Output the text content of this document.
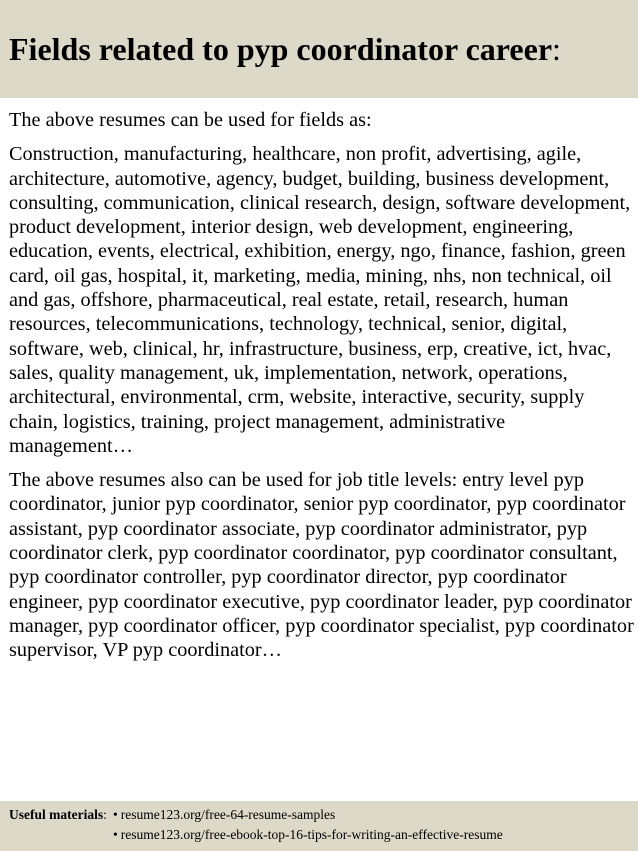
Fields related to pyp coordinator career:

The above resumes can be used for fields as:

Construction, manufacturing, healthcare, non profit, advertising, agile, architecture, automotive, agency, budget, building, business development, consulting, communication, clinical research, design, software development, product development, interior design, web development, engineering, education, events, electrical, exhibition, energy, ngo, finance, fashion, green card, oil gas, hospital, it, marketing, media, mining, nhs, non technical, oil and gas, offshore, pharmaceutical, real estate, retail, research, human resources, telecommunications, technology, technical, senior, digital, software, web, clinical, hr, infrastructure, business, erp, creative, ict, hvac, sales, quality management, uk, implementation, network, operations, architectural, environmental, crm, website, interactive, security, supply chain, logistics, training, project management, administrative management…

The above resumes also can be used for job title levels: entry level pyp coordinator, junior pyp coordinator, senior pyp coordinator, pyp coordinator assistant, pyp coordinator associate, pyp coordinator administrator, pyp coordinator clerk, pyp coordinator coordinator, pyp coordinator consultant, pyp coordinator controller, pyp coordinator director, pyp coordinator engineer, pyp coordinator executive, pyp coordinator leader, pyp coordinator manager, pyp coordinator officer, pyp coordinator specialist, pyp coordinator supervisor, VP pyp coordinator…

Useful materials: • resume123.org/free-64-resume-samples
• resume123.org/free-ebook-top-16-tips-for-writing-an-effective-resume
